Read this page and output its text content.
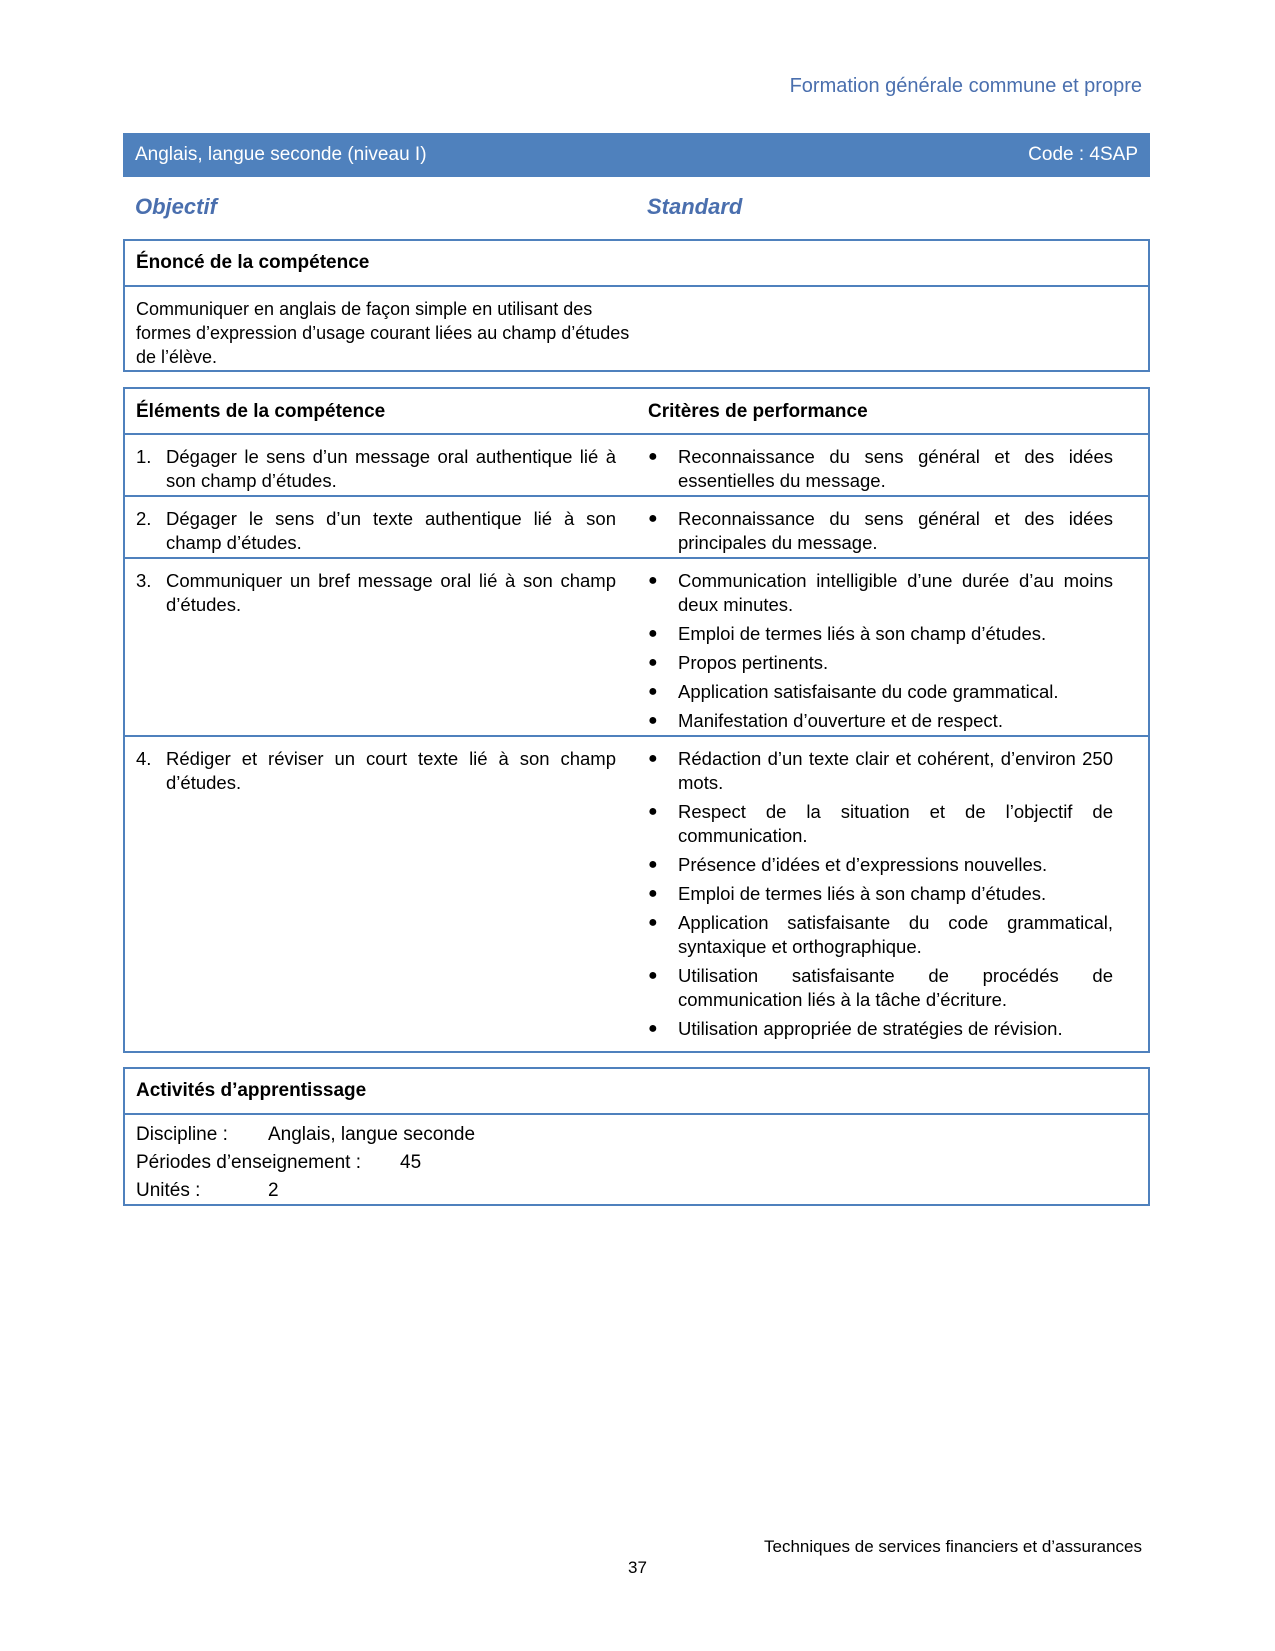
Formation générale commune et propre
Anglais, langue seconde (niveau I)	Code : 4SAP
Objectif	Standard
Énoncé de la compétence
Communiquer en anglais de façon simple en utilisant des formes d’expression d’usage courant liées au champ d’études de l’élève.
Éléments de la compétence	Critères de performance
1. Dégager le sens d’un message oral authentique lié à son champ d’études.
●	Reconnaissance du sens général et des idées essentielles du message.
2. Dégager le sens d’un texte authentique lié à son champ d’études.
●	Reconnaissance du sens général et des idées principales du message.
3. Communiquer un bref message oral lié à son champ d’études.
●	Communication intelligible d’une durée d’au moins deux minutes.
●	Emploi de termes liés à son champ d’études.
●	Propos pertinents.
●	Application satisfaisante du code grammatical.
●	Manifestation d’ouverture et de respect.
4. Rédiger et réviser un court texte lié à son champ d’études.
●	Rédaction d’un texte clair et cohérent, d’environ 250 mots.
●	Respect de la situation et de l’objectif de communication.
●	Présence d’idées et d’expressions nouvelles.
●	Emploi de termes liés à son champ d’études.
●	Application satisfaisante du code grammatical, syntaxique et orthographique.
●	Utilisation satisfaisante de procédés de communication liés à la tâche d’écriture.
●	Utilisation appropriée de stratégies de révision.
Activités d’apprentissage
Discipline : Anglais, langue seconde
Périodes d’enseignement : 45
Unités :	2
Techniques de services financiers et d’assurances
37
